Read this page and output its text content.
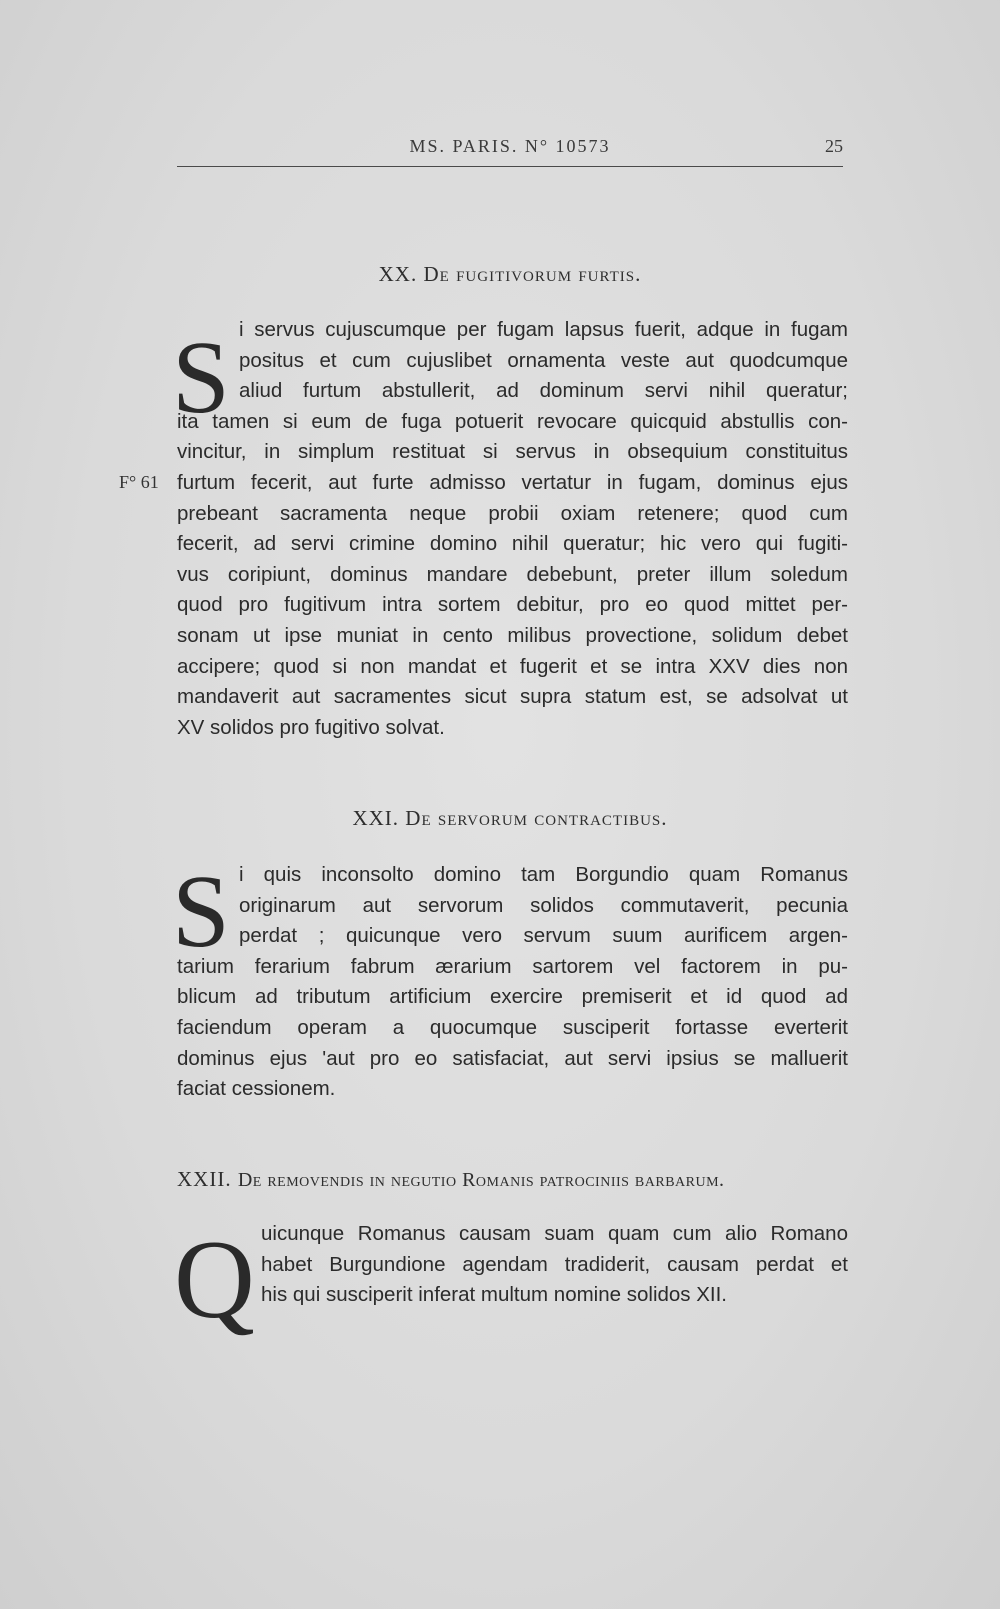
MS. PARIS. N° 10573	25
XX. De fugitivorum furtis.
S
F° 61
i servus cujuscumque per fugam lapsus fuerit, adque in fugam
positus et cum cujuslibet ornamenta veste aut quodcumque
aliud furtum abstullerit, ad dominum servi nihil queratur;
ita tamen si eum de fuga potuerit revocare quicquid abstullis con-
vincitur, in simplum restituat si servus in obsequium constituitus
furtum fecerit, aut furte admisso vertatur in fugam, dominus ejus
prebeant sacramenta neque probii oxiam retenere; quod cum
fecerit, ad servi crimine domino nihil queratur; hic vero qui fugiti-
vus coripiunt, dominus mandare debebunt, preter illum soledum
quod pro fugitivum intra sortem debitur, pro eo quod mittet per-
sonam ut ipse muniat in cento milibus provectione, solidum debet
accipere; quod si non mandat et fugerit et se intra XXV dies non
mandaverit aut sacramentes sicut supra statum est, se adsolvat ut
XV solidos pro fugitivo solvat.
XXI. De servorum contractibus.
S i quis inconsolto domino tam Borgundio quam Romanus
originarum aut servorum solidos commutaverit, pecunia
perdat ; quicunque vero servum suum aurificem argen-
tarium ferarium fabrum ærarium sartorem vel factorem in pu-
blicum ad tributum artificium exercire premiserit et id quod ad
faciendum operam a quocumque susciperit fortasse everterit
dominus ejus 'aut pro eo satisfaciat, aut servi ipsius se malluerit
faciat cessionem.
XXII. De removendis in negutio Romanis patrociniis barbarum.
Q uicunque Romanus causam suam quam cum alio Romano
habet Burgundione agendam tradiderit, causam perdat et
his qui susciperit inferat multum nomine solidos XII.
